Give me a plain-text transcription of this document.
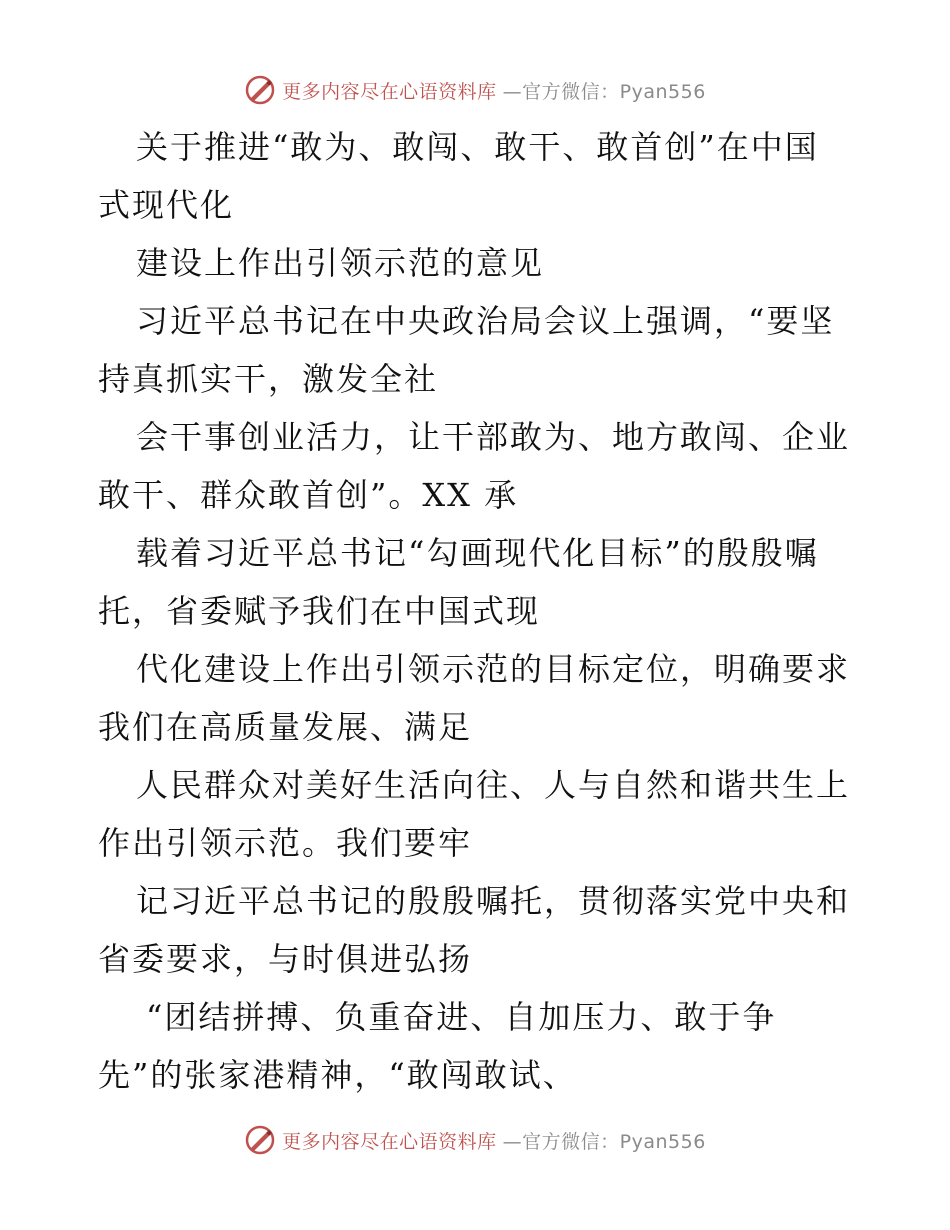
更多内容尽在心语资料库 —官方微信：Pyan556

关于推进“敢为、敢闯、敢干、敢首创”在中国
式现代化

建设上作出引领示范的意见

习近平总书记在中央政治局会议上强调，“要坚
持真抓实干，激发全社

会干事创业活力，让干部敢为、地方敢闯、企业
敢干、群众敢首创”。XX 承

载着习近平总书记“勾画现代化目标”的殷殷嘱
托，省委赋予我们在中国式现

代化建设上作出引领示范的目标定位，明确要求
我们在高质量发展、满足

人民群众对美好生活向往、人与自然和谐共生上
作出引领示范。我们要牢

记习近平总书记的殷殷嘱托，贯彻落实党中央和
省委要求，与时俱进弘扬

“团结拼搏、负重奋进、自加压力、敢于争
先”的张家港精神，“敢闯敢试、

更多内容尽在心语资料库 —官方微信：Pyan556
